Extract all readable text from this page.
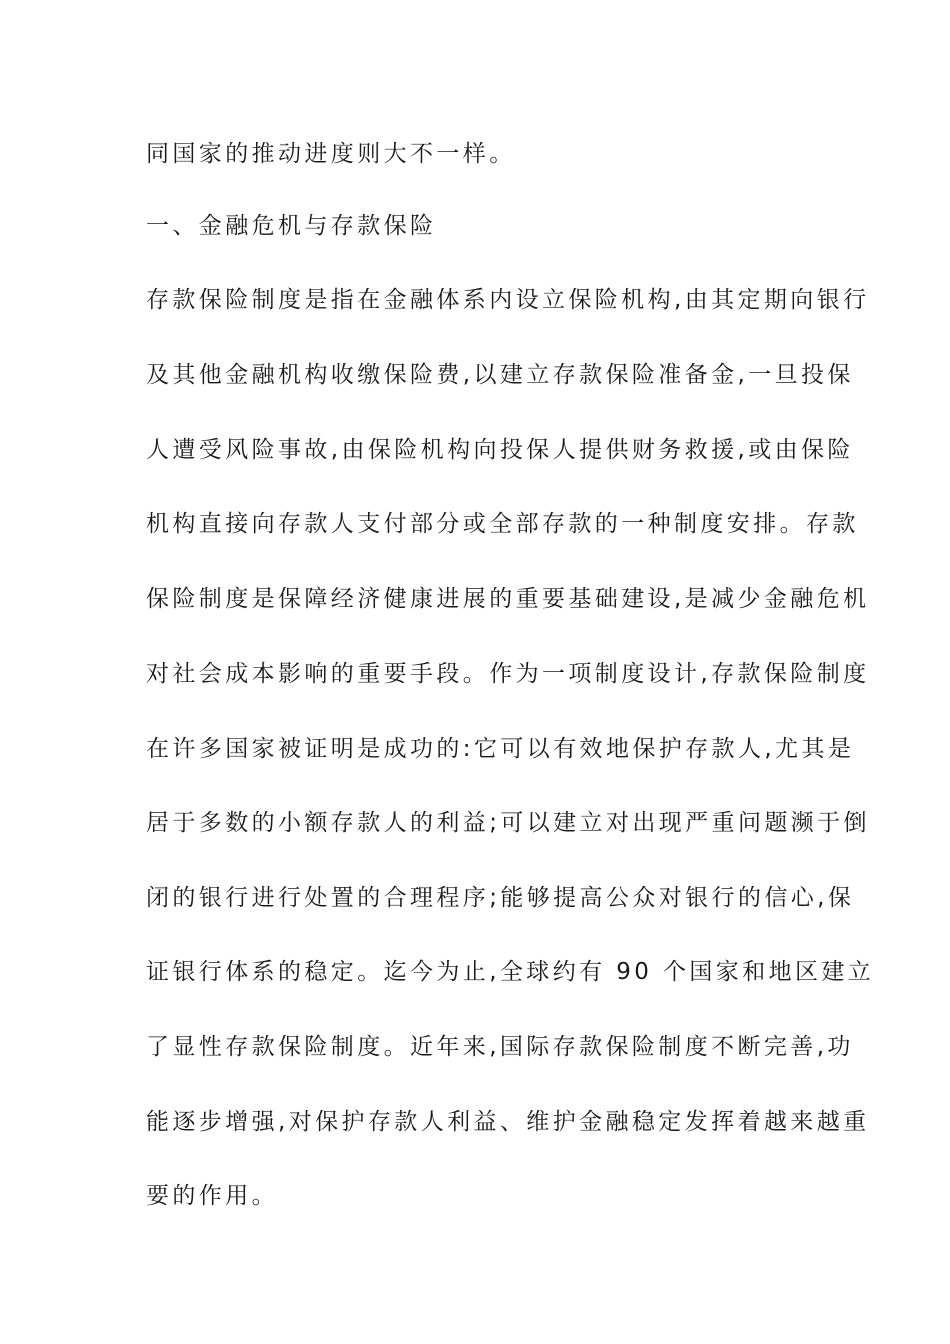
同国家的推动进度则大不一样。
一、金融危机与存款保险
存款保险制度是指在金融体系内设立保险机构,由其定期向银行
及其他金融机构收缴保险费,以建立存款保险准备金,一旦投保
人遭受风险事故,由保险机构向投保人提供财务救援,或由保险
机构直接向存款人支付部分或全部存款的一种制度安排。存款
保险制度是保障经济健康进展的重要基础建设,是减少金融危机
对社会成本影响的重要手段。作为一项制度设计,存款保险制度
在许多国家被证明是成功的:它可以有效地保护存款人,尤其是
居于多数的小额存款人的利益;可以建立对出现严重问题濒于倒
闭的银行进行处置的合理程序;能够提高公众对银行的信心,保
证银行体系的稳定。迄今为止,全球约有 90 个国家和地区建立
了显性存款保险制度。近年来,国际存款保险制度不断完善,功
能逐步增强,对保护存款人利益、维护金融稳定发挥着越来越重
要的作用。
